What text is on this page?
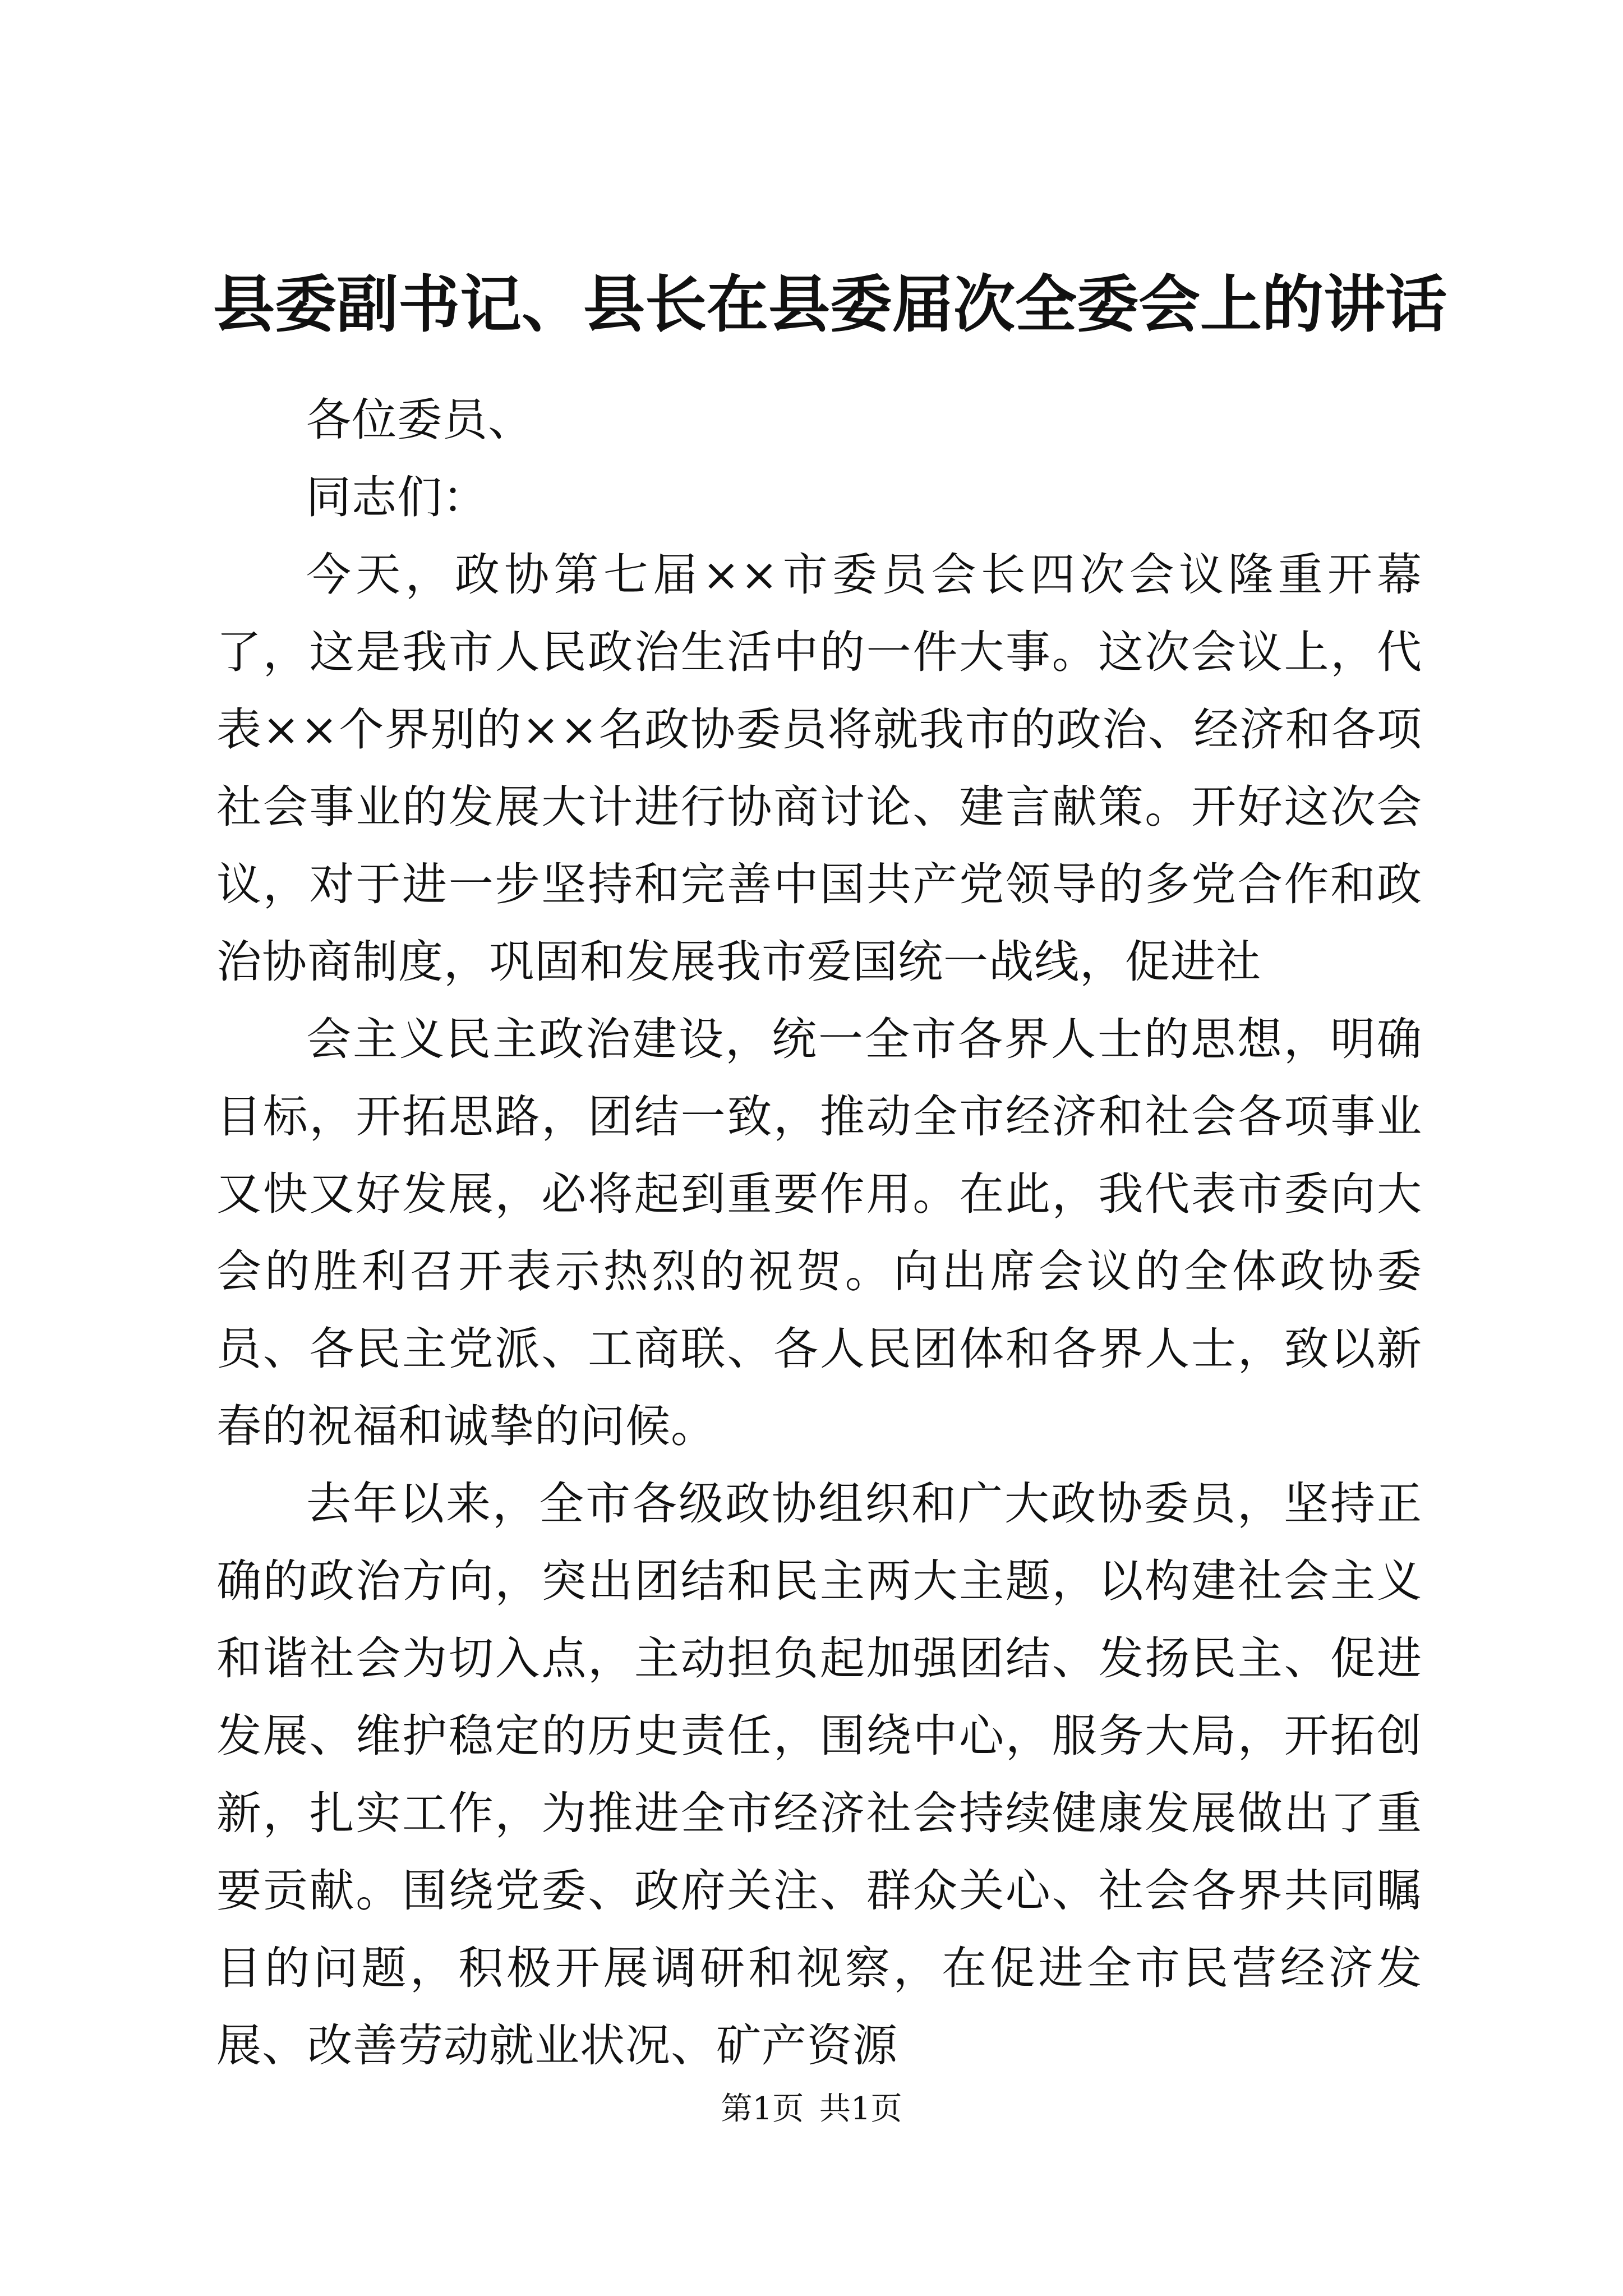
县委副书记、县长在县委届次全委会上的讲话

各位委员、

同志们：

今天，政协第七届××市委员会长四次会议隆重开幕了，这是我市人民政治生活中的一件大事。这次会议上，代表××个界别的××名政协委员将就我市的政治、经济和各项社会事业的发展大计进行协商讨论、建言献策。开好这次会议，对于进一步坚持和完善中国共产党领导的多党合作和政治协商制度，巩固和发展我市爱国统一战线，促进社

会主义民主政治建设，统一全市各界人士的思想，明确目标，开拓思路，团结一致，推动全市经济和社会各项事业又快又好发展，必将起到重要作用。在此，我代表市委向大会的胜利召开表示热烈的祝贺。向出席会议的全体政协委员、各民主党派、工商联、各人民团体和各界人士，致以新春的祝福和诚挚的问候。

去年以来，全市各级政协组织和广大政协委员，坚持正确的政治方向，突出团结和民主两大主题，以构建社会主义和谐社会为切入点，主动担负起加强团结、发扬民主、促进发展、维护稳定的历史责任，围绕中心，服务大局，开拓创新，扎实工作，为推进全市经济社会持续健康发展做出了重要贡献。围绕党委、政府关注、群众关心、社会各界共同瞩目的问题，积极开展调研和视察，在促进全市民营经济发展、改善劳动就业状况、矿产资源

第1页 共1页
